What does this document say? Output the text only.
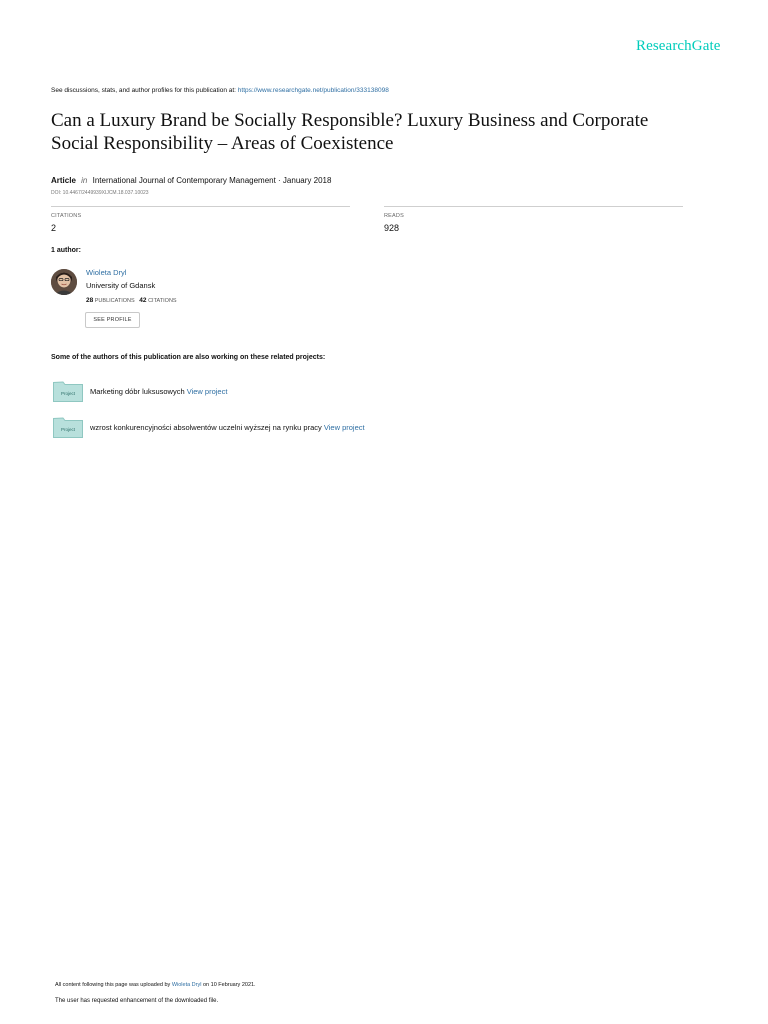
ResearchGate
See discussions, stats, and author profiles for this publication at: https://www.researchgate.net/publication/333138098
Can a Luxury Brand be Socially Responsible? Luxury Business and Corporate
Social Responsibility – Areas of Coexistence
Article in International Journal of Contemporary Management · January 2018
DOI: 10.4467/2449939XIJCM.18.037.10023
CITATIONS
2
READS
928
1 author:
Wioleta Dryl
University of Gdansk
28 PUBLICATIONS 42 CITATIONS
SEE PROFILE
Some of the authors of this publication are also working on these related projects:
Project Marketing dóbr luksusowych View project
Project wzrost konkurencyjności absolwentów uczelni wyższej na rynku pracy View project
All content following this page was uploaded by Wioleta Dryl on 10 February 2021.
The user has requested enhancement of the downloaded file.
